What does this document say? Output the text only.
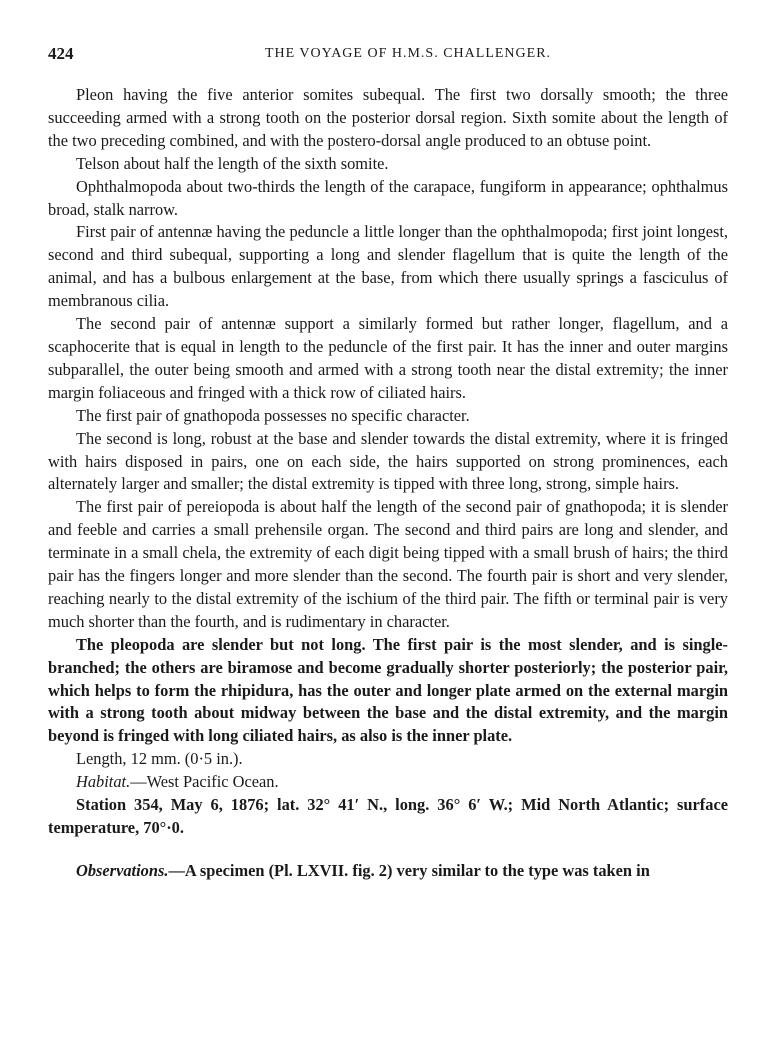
424	THE VOYAGE OF H.M.S. CHALLENGER.

Pleon having the five anterior somites subequal. The first two dorsally smooth; the three succeeding armed with a strong tooth on the posterior dorsal region. Sixth somite about the length of the two preceding combined, and with the postero-dorsal angle produced to an obtuse point.

Telson about half the length of the sixth somite.

Ophthalmopoda about two-thirds the length of the carapace, fungiform in appearance; ophthalmus broad, stalk narrow.

First pair of antennæ having the peduncle a little longer than the ophthalmopoda; first joint longest, second and third subequal, supporting a long and slender flagellum that is quite the length of the animal, and has a bulbous enlargement at the base, from which there usually springs a fasciculus of membranous cilia.

The second pair of antennæ support a similarly formed but rather longer, flagellum, and a scaphocerite that is equal in length to the peduncle of the first pair. It has the inner and outer margins subparallel, the outer being smooth and armed with a strong tooth near the distal extremity; the inner margin foliaceous and fringed with a thick row of ciliated hairs.

The first pair of gnathopoda possesses no specific character.

The second is long, robust at the base and slender towards the distal extremity, where it is fringed with hairs disposed in pairs, one on each side, the hairs supported on strong prominences, each alternately larger and smaller; the distal extremity is tipped with three long, strong, simple hairs.

The first pair of pereiopoda is about half the length of the second pair of gnathopoda; it is slender and feeble and carries a small prehensile organ. The second and third pairs are long and slender, and terminate in a small chela, the extremity of each digit being tipped with a small brush of hairs; the third pair has the fingers longer and more slender than the second. The fourth pair is short and very slender, reaching nearly to the distal extremity of the ischium of the third pair. The fifth or terminal pair is very much shorter than the fourth, and is rudimentary in character.

The pleopoda are slender but not long. The first pair is the most slender, and is single-branched; the others are biramose and become gradually shorter posteriorly; the posterior pair, which helps to form the rhipidura, has the outer and longer plate armed on the external margin with a strong tooth about midway between the base and the distal extremity, and the margin beyond is fringed with long ciliated hairs, as also is the inner plate.

Length, 12 mm. (0·5 in.).

Habitat.—West Pacific Ocean.

Station 354, May 6, 1876; lat. 32° 41′ N., long. 36° 6′ W.; Mid North Atlantic; surface temperature, 70°·0.

Observations.—A specimen (Pl. LXVII. fig. 2) very similar to the type was taken in
